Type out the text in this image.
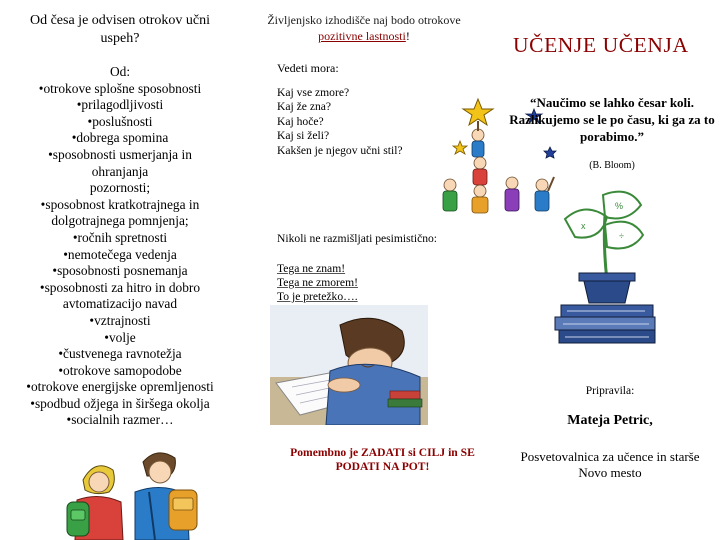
Od česa je odvisen otrokov učni uspeh?
Od:
•otrokove splošne sposobnosti
•prilagodljivosti
•poslušnosti
•dobrega spomina
•sposobnosti usmerjanja in
ohranjanja
pozornosti;
•sposobnost kratkotrajnega in
dolgotrajnega pomnjenja;
•ročnih spretnosti
•nemotečega vedenja
•sposobnosti posnemanja
•sposobnosti za hitro in dobro
avtomatizacijo navad
•vztrajnosti
•volje
•čustvenega ravnotežja
•otrokove samopodobe
•otrokove energijske opremljenosti
•spodbud ožjega in širšega okolja
•socialnih razmer…
Življenjsko izhodišče naj bodo otrokove
pozitivne lastnosti!
Vedeti mora:
Kaj vse zmore?
Kaj že zna?
Kaj hoče?
Kaj si želi?
Kakšen je njegov učni stil?
Nikoli ne razmišljati pesimistično:
Tega ne znam!
Tega ne zmorem!
To je pretežko….
Pomembno je ZADATI si CILJ in SE PODATI NA POT!
UČENJE UČENJA
“Naučimo se lahko česar koli. Razlikujemo se le po času, ki ga za to porabimo.”
(B. Bloom)
%
x
÷
Pripravila:
Mateja Petric,
Posvetovalnica za učence in starše Novo mesto
